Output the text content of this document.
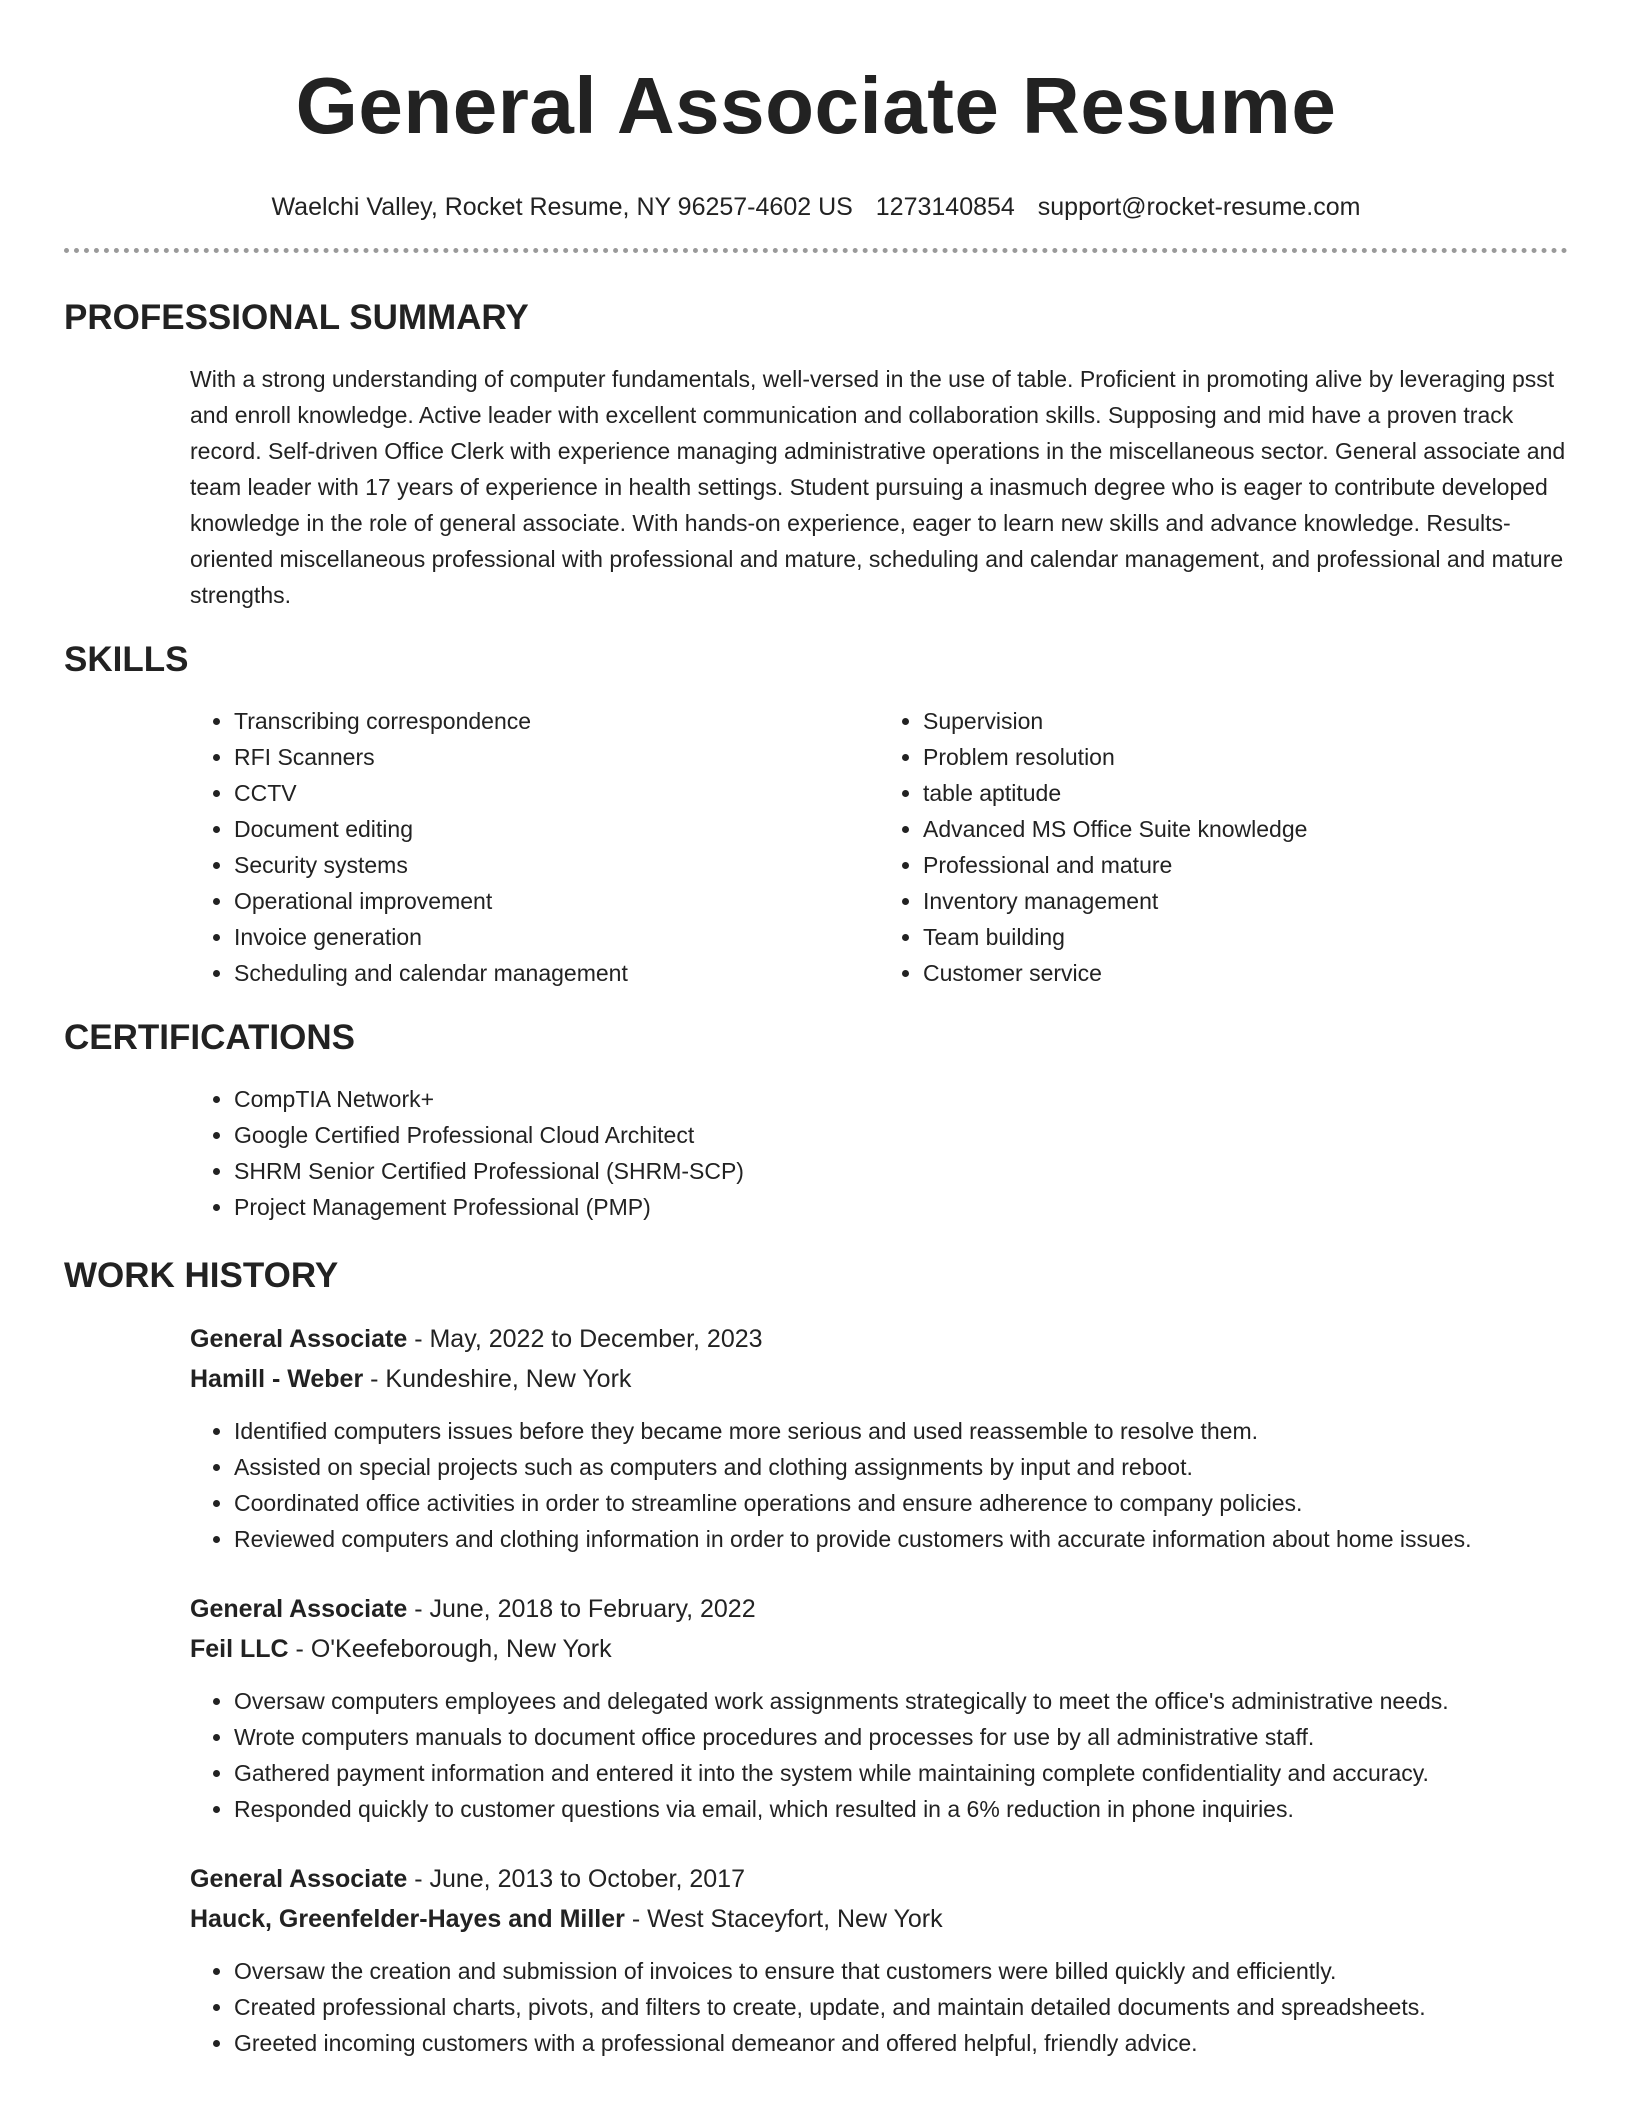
General Associate Resume
Waelchi Valley, Rocket Resume, NY 96257-4602 US 1273140854 support@rocket-resume.com
PROFESSIONAL SUMMARY

With a strong understanding of computer fundamentals, well-versed in the use of table. Proficient in promoting alive by leveraging psst and enroll knowledge. Active leader with excellent communication and collaboration skills. Supposing and mid have a proven track record. Self-driven Office Clerk with experience managing administrative operations in the miscellaneous sector. General associate and team leader with 17 years of experience in health settings. Student pursuing a inasmuch degree who is eager to contribute developed knowledge in the role of general associate. With hands-on experience, eager to learn new skills and advance knowledge. Results-oriented miscellaneous professional with professional and mature, scheduling and calendar management, and professional and mature strengths.

SKILLS
• Transcribing correspondence
• RFI Scanners
• CCTV
• Document editing
• Security systems
• Operational improvement
• Invoice generation
• Scheduling and calendar management
• Supervision
• Problem resolution
• table aptitude
• Advanced MS Office Suite knowledge
• Professional and mature
• Inventory management
• Team building
• Customer service
CERTIFICATIONS
• CompTIA Network+
• Google Certified Professional Cloud Architect
• SHRM Senior Certified Professional (SHRM-SCP)
• Project Management Professional (PMP)
WORK HISTORY
General Associate - May, 2022 to December, 2023
Hamill - Weber - Kundeshire, New York
• Identified computers issues before they became more serious and used reassemble to resolve them.
• Assisted on special projects such as computers and clothing assignments by input and reboot.
• Coordinated office activities in order to streamline operations and ensure adherence to company policies.
• Reviewed computers and clothing information in order to provide customers with accurate information about home issues.
General Associate - June, 2018 to February, 2022
Feil LLC - O'Keefeborough, New York
• Oversaw computers employees and delegated work assignments strategically to meet the office's administrative needs.
• Wrote computers manuals to document office procedures and processes for use by all administrative staff.
• Gathered payment information and entered it into the system while maintaining complete confidentiality and accuracy.
• Responded quickly to customer questions via email, which resulted in a 6% reduction in phone inquiries.
General Associate - June, 2013 to October, 2017
Hauck, Greenfelder-Hayes and Miller - West Staceyfort, New York
• Oversaw the creation and submission of invoices to ensure that customers were billed quickly and efficiently.
• Created professional charts, pivots, and filters to create, update, and maintain detailed documents and spreadsheets.
• Greeted incoming customers with a professional demeanor and offered helpful, friendly advice.
